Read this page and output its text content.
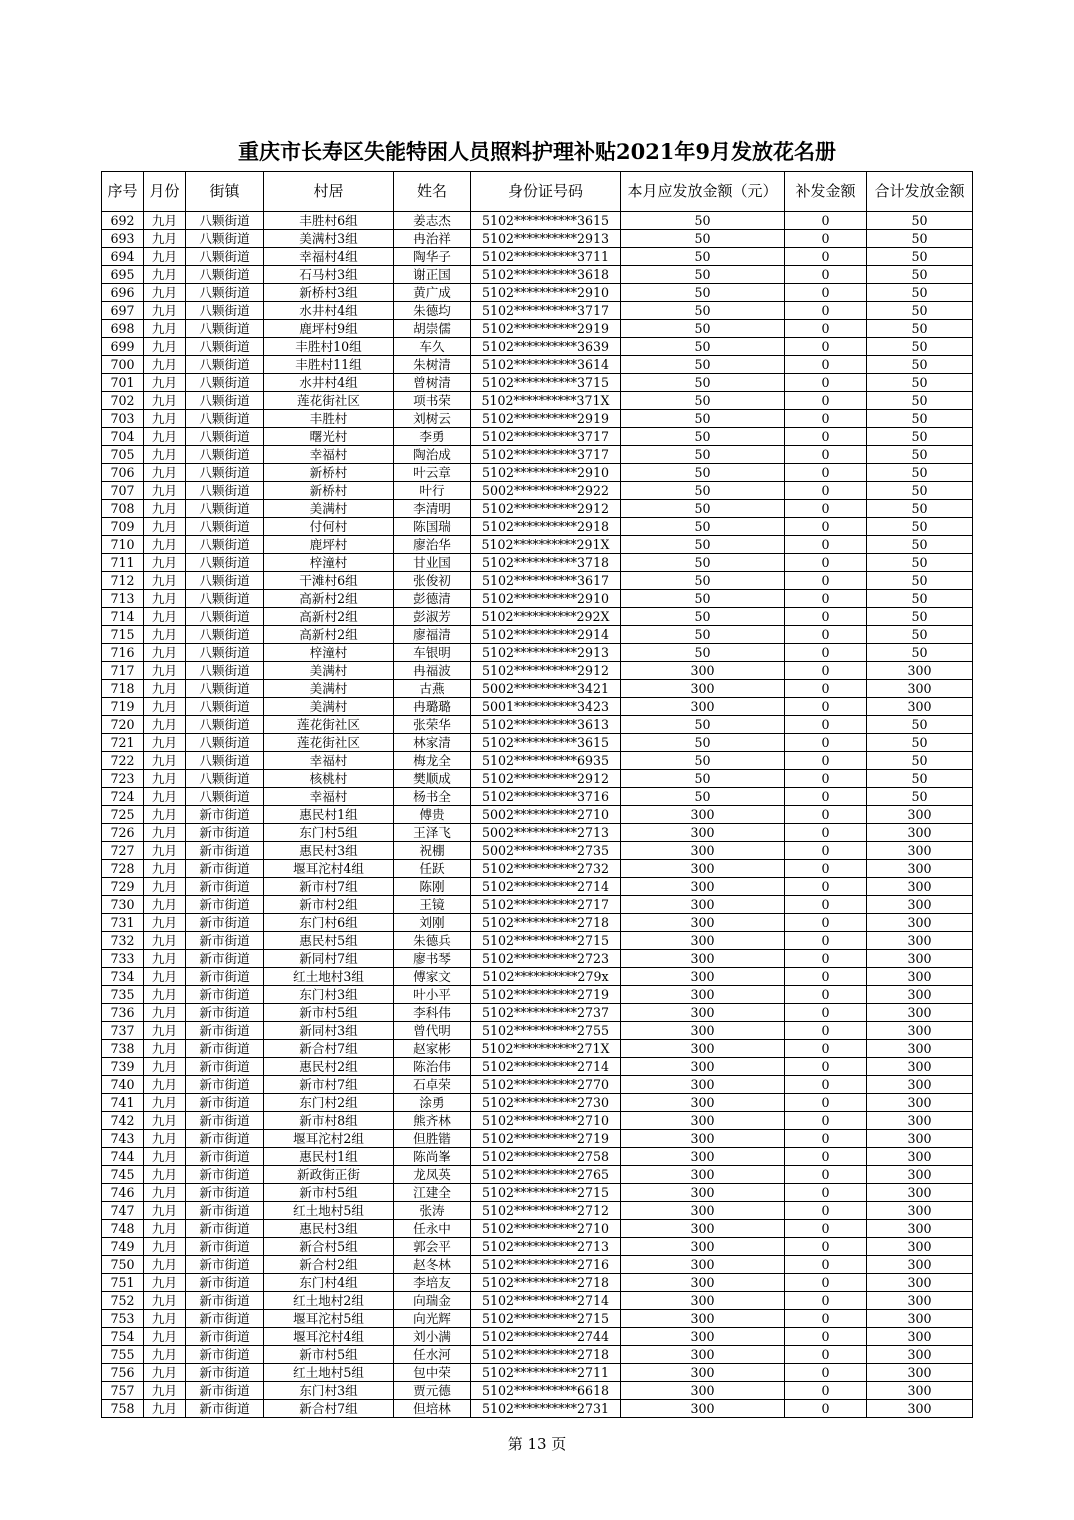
重庆市长寿区失能特困人员照料护理补贴2021年9月发放花名册
序号	月份	街镇	村居	姓名	身份证号码	本月应发放金额（元）	补发金额	合计发放金额

692	九月	八颗街道	丰胜村6组	姜志杰	5102**********3615	50	0	50
693	九月	八颗街道	美满村3组	冉治祥	5102**********2913	50	0	50
694	九月	八颗街道	幸福村4组	陶华子	5102**********3711	50	0	50
695	九月	八颗街道	石马村3组	谢正国	5102**********3618	50	0	50
696	九月	八颗街道	新桥村3组	黄广成	5102**********2910	50	0	50
697	九月	八颗街道	水井村4组	朱德均	5102**********3717	50	0	50
698	九月	八颗街道	鹿坪村9组	胡崇儒	5102**********2919	50	0	50
699	九月	八颗街道	丰胜村10组	车久	5102**********3639	50	0	50
700	九月	八颗街道	丰胜村11组	朱树清	5102**********3614	50	0	50
701	九月	八颗街道	水井村4组	曾树清	5102**********3715	50	0	50
702	九月	八颗街道	莲花街社区	项书荣	5102**********371X	50	0	50
703	九月	八颗街道	丰胜村	刘树云	5102**********2919	50	0	50
704	九月	八颗街道	曙光村	李勇	5102**********3717	50	0	50
705	九月	八颗街道	幸福村	陶治成	5102**********3717	50	0	50
706	九月	八颗街道	新桥村	叶云章	5102**********2910	50	0	50
707	九月	八颗街道	新桥村	叶行	5002**********2922	50	0	50
708	九月	八颗街道	美满村	李清明	5102**********2912	50	0	50
709	九月	八颗街道	付何村	陈国瑞	5102**********2918	50	0	50
710	九月	八颗街道	鹿坪村	廖治华	5102**********291X	50	0	50
711	九月	八颗街道	梓潼村	甘业国	5102**********3718	50	0	50
712	九月	八颗街道	干滩村6组	张俊初	5102**********3617	50	0	50
713	九月	八颗街道	高新村2组	彭德清	5102**********2910	50	0	50
714	九月	八颗街道	高新村2组	彭淑芳	5102**********292X	50	0	50
715	九月	八颗街道	高新村2组	廖福清	5102**********2914	50	0	50
716	九月	八颗街道	梓潼村	车银明	5102**********2913	50	0	50
717	九月	八颗街道	美满村	冉福波	5102**********2912	300	0	300
718	九月	八颗街道	美满村	古燕	5002**********3421	300	0	300
719	九月	八颗街道	美满村	冉璐璐	5001**********3423	300	0	300
720	九月	八颗街道	莲花街社区	张荣华	5102**********3613	50	0	50
721	九月	八颗街道	莲花街社区	林家清	5102**********3615	50	0	50
722	九月	八颗街道	幸福村	梅龙全	5102**********6935	50	0	50
723	九月	八颗街道	核桃村	樊顺成	5102**********2912	50	0	50
724	九月	八颗街道	幸福村	杨书全	5102**********3716	50	0	50
725	九月	新市街道	惠民村1组	傅贵	5002**********2710	300	0	300
726	九月	新市街道	东门村5组	王泽飞	5002**********2713	300	0	300
727	九月	新市街道	惠民村3组	祝棚	5002**********2735	300	0	300
728	九月	新市街道	堰耳沱村4组	任跃	5102**********2732	300	0	300
729	九月	新市街道	新市村7组	陈刚	5102**********2714	300	0	300
730	九月	新市街道	新市村2组	王镜	5102**********2717	300	0	300
731	九月	新市街道	东门村6组	刘刚	5102**********2718	300	0	300
732	九月	新市街道	惠民村5组	朱德兵	5102**********2715	300	0	300
733	九月	新市街道	新同村7组	廖书琴	5102**********2723	300	0	300
734	九月	新市街道	红土地村3组	傅家文	5102**********279x	300	0	300
735	九月	新市街道	东门村3组	叶小平	5102**********2719	300	0	300
736	九月	新市街道	新市村5组	李科伟	5102**********2737	300	0	300
737	九月	新市街道	新同村3组	曾代明	5102**********2755	300	0	300
738	九月	新市街道	新合村7组	赵家彬	5102**********271X	300	0	300
739	九月	新市街道	惠民村2组	陈治伟	5102**********2714	300	0	300
740	九月	新市街道	新市村7组	石卓荣	5102**********2770	300	0	300
741	九月	新市街道	东门村2组	涂勇	5102**********2730	300	0	300
742	九月	新市街道	新市村8组	熊齐林	5102**********2710	300	0	300
743	九月	新市街道	堰耳沱村2组	但胜锴	5102**********2719	300	0	300
744	九月	新市街道	惠民村1组	陈尚峯	5102**********2758	300	0	300
745	九月	新市街道	新政街正街	龙凤英	5102**********2765	300	0	300
746	九月	新市街道	新市村5组	江建全	5102**********2715	300	0	300
747	九月	新市街道	红土地村5组	张涛	5102**********2712	300	0	300
748	九月	新市街道	惠民村3组	任永中	5102**********2710	300	0	300
749	九月	新市街道	新合村5组	郭会平	5102**********2713	300	0	300
750	九月	新市街道	新合村2组	赵冬林	5102**********2716	300	0	300
751	九月	新市街道	东门村4组	李培友	5102**********2718	300	0	300
752	九月	新市街道	红土地村2组	向瑞金	5102**********2714	300	0	300
753	九月	新市街道	堰耳沱村5组	向光辉	5102**********2715	300	0	300
754	九月	新市街道	堰耳沱村4组	刘小满	5102**********2744	300	0	300
755	九月	新市街道	新市村5组	任水河	5102**********2718	300	0	300
756	九月	新市街道	红土地村5组	包中荣	5102**********2711	300	0	300
757	九月	新市街道	东门村3组	贾元德	5102**********6618	300	0	300
758	九月	新市街道	新合村7组	但培林	5102**********2731	300	0	300
第 13 页
